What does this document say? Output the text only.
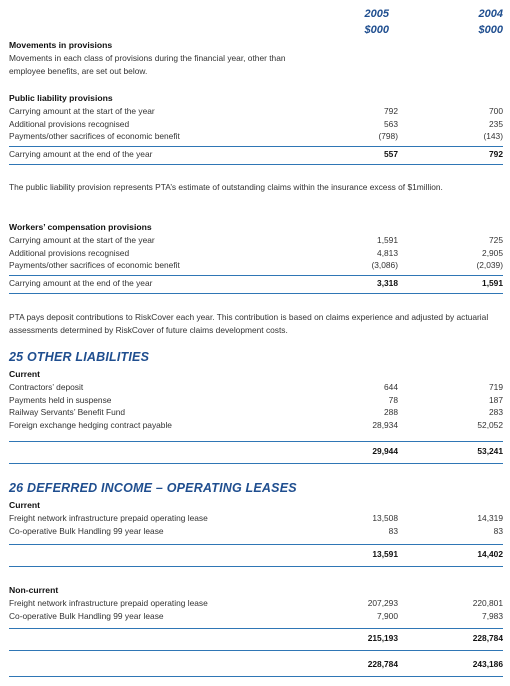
2005
$000
2004
$000
Movements in provisions
Movements in each class of provisions during the financial year, other than
employee benefits, are set out below.
Public liability provisions
Carrying amount at the start of the year	792	700
Additional provisions recognised	563	235
Payments/other sacrifices of economic benefit	(798)	(143)
Carrying amount at the end of the year	557	792
The public liability provision represents PTA’s estimate of outstanding claims within the insurance excess of $1million.
Workers’ compensation provisions
Carrying amount at the start of the year	1,591	725
Additional provisions recognised	4,813	2,905
Payments/other sacrifices of economic benefit	(3,086)	(2,039)
Carrying amount at the end of the year	3,318	1,591
PTA pays deposit contributions to RiskCover each year. This contribution is based on claims experience and adjusted by actuarial
assessments determined by RiskCover of future claims development costs.
25 OTHER LIABILITIES
Current
Contractors’ deposit	644	719
Payments held in suspense	78	187
Railway Servants’ Benefit Fund	288	283
Foreign exchange hedging contract payable	28,934	52,052
29,944	53,241
26 DEFERRED INCOME – OPERATING LEASES
Current
Freight network infrastructure prepaid operating lease	13,508	14,319
Co-operative Bulk Handling 99 year lease	83	83
13,591	14,402
Non-current
Freight network infrastructure prepaid operating lease	207,293	220,801
Co-operative Bulk Handling 99 year lease	7,900	7,983
215,193	228,784
228,784	243,186
